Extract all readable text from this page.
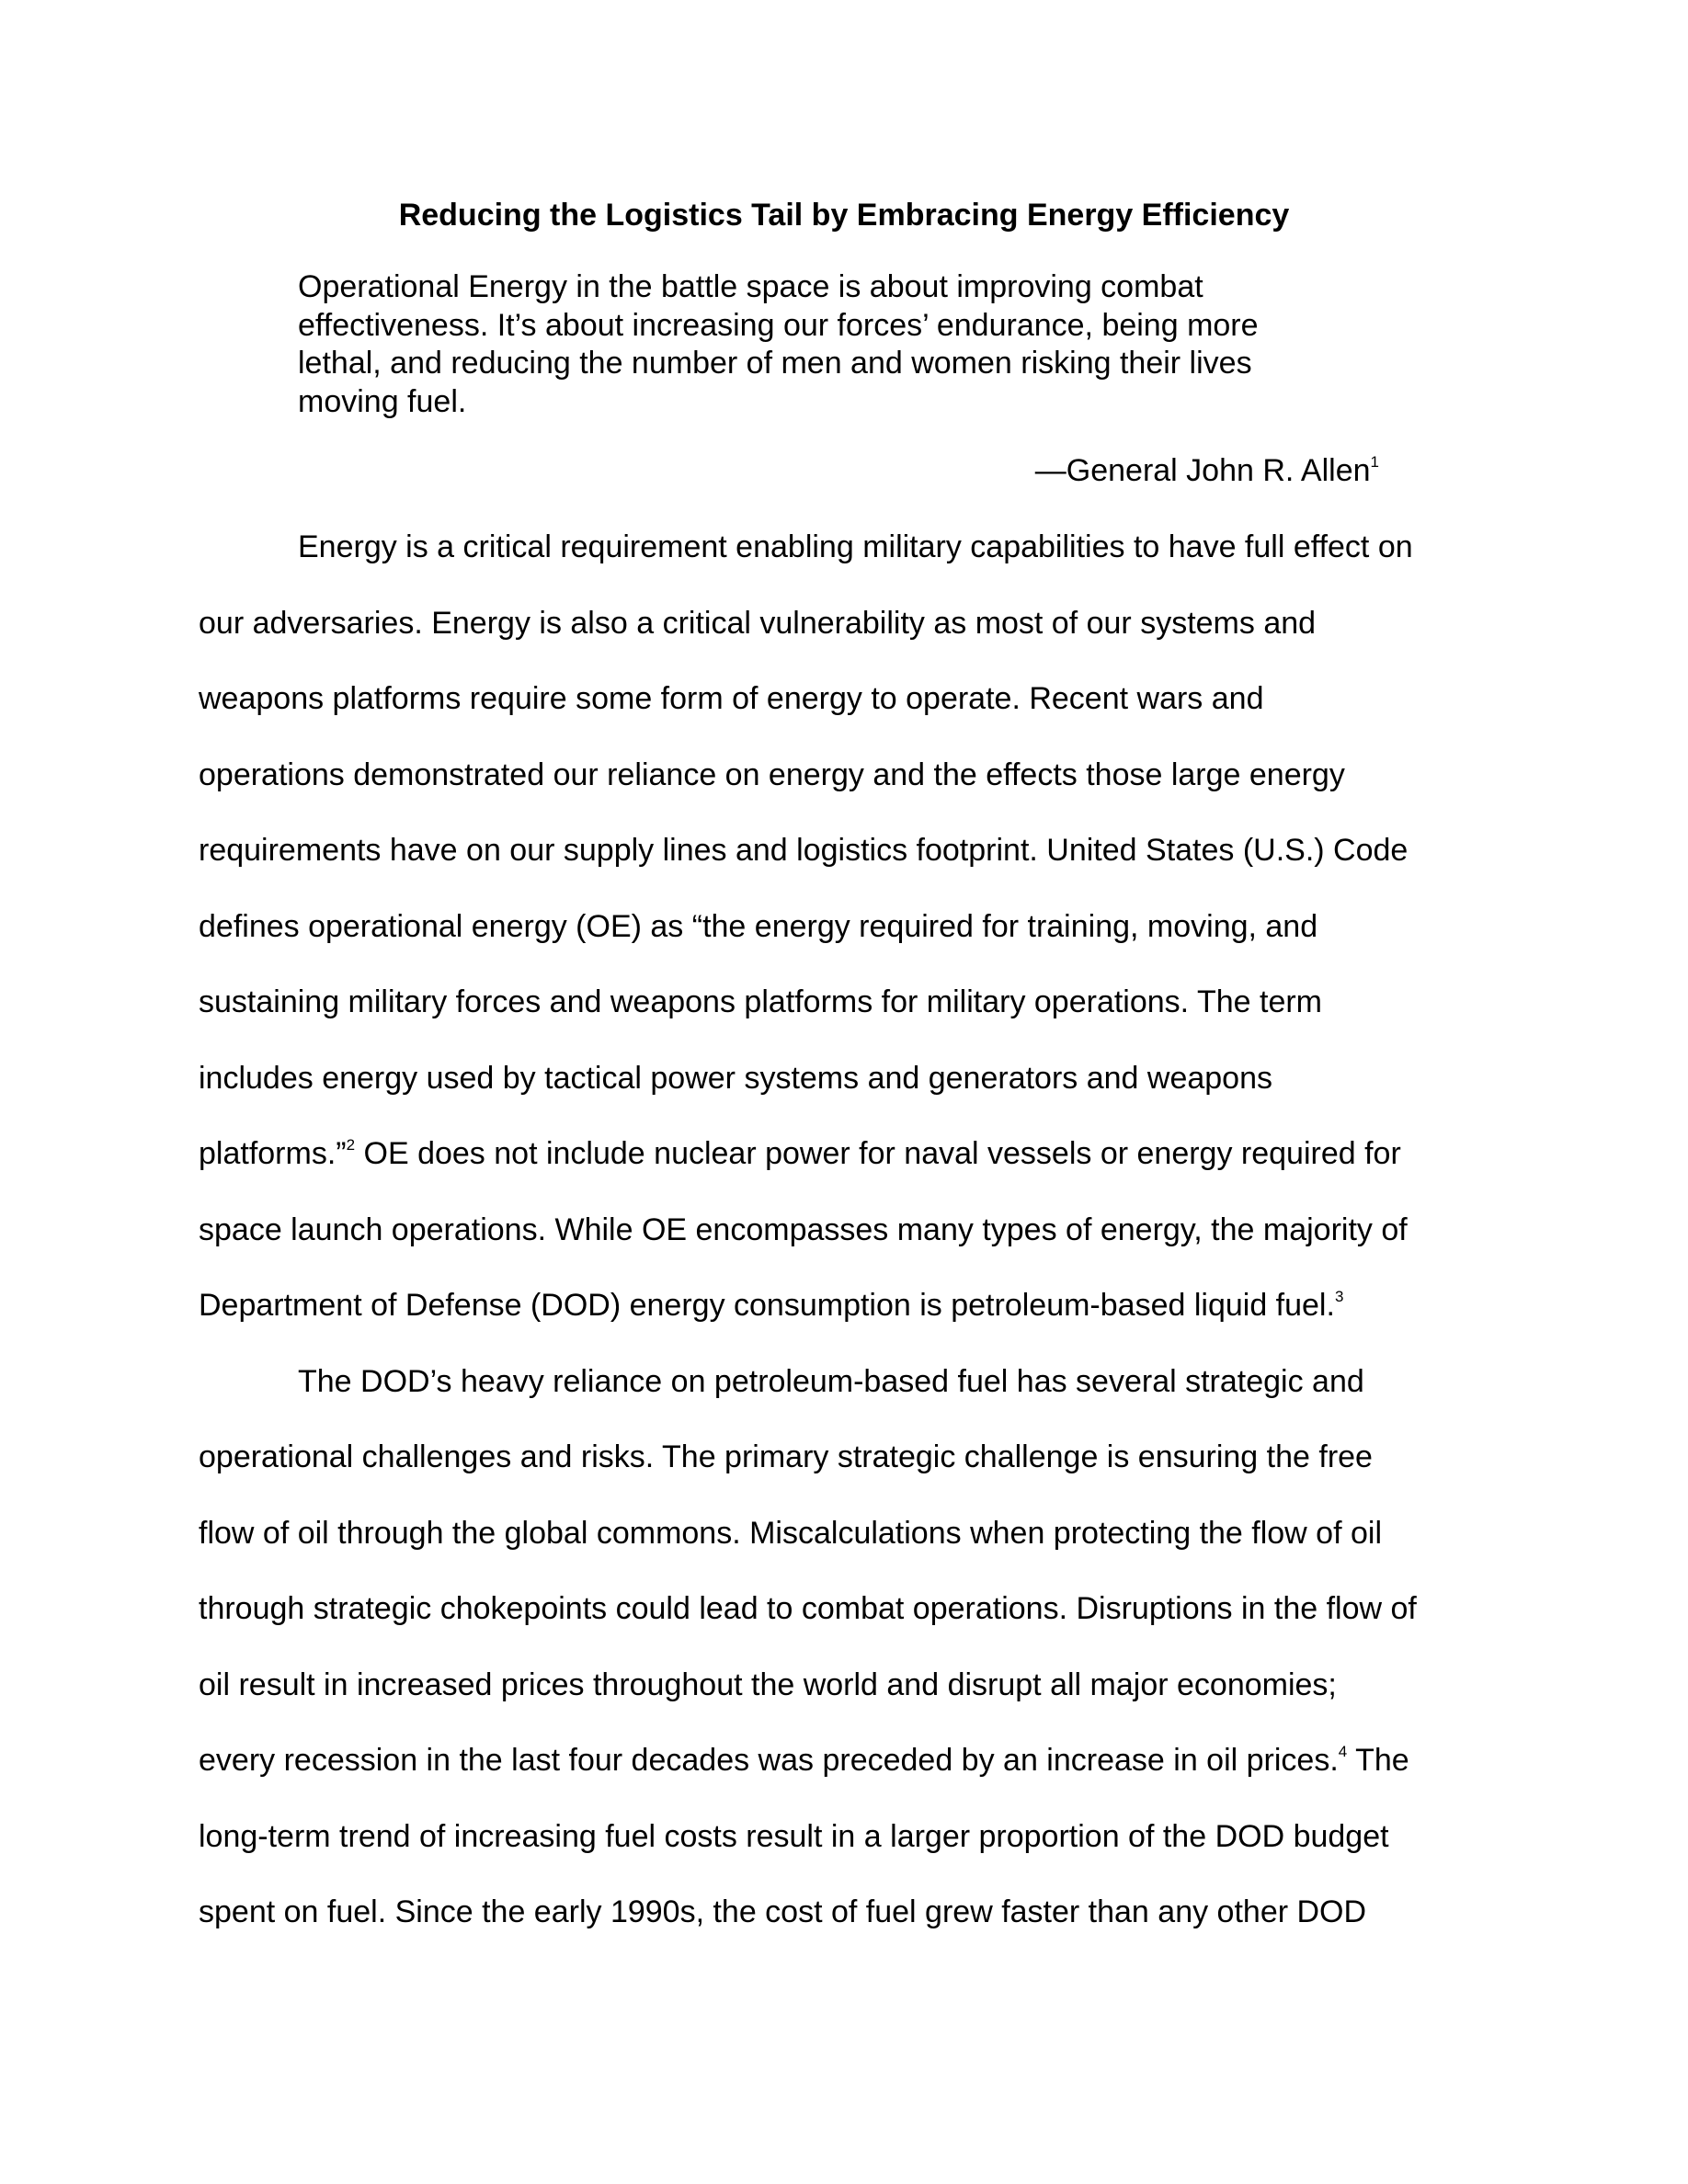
Reducing the Logistics Tail by Embracing Energy Efficiency
Operational Energy in the battle space is about improving combat
effectiveness. It’s about increasing our forces’ endurance, being more
lethal, and reducing the number of men and women risking their lives
moving fuel.
—General John R. Allen$^1$
Energy is a critical requirement enabling military capabilities to have full effect on
our adversaries. Energy is also a critical vulnerability as most of our systems and
weapons platforms require some form of energy to operate. Recent wars and
operations demonstrated our reliance on energy and the effects those large energy
requirements have on our supply lines and logistics footprint. United States (U.S.) Code
defines operational energy (OE) as “the energy required for training, moving, and
sustaining military forces and weapons platforms for military operations. The term
includes energy used by tactical power systems and generators and weapons
platforms.”$^2$ OE does not include nuclear power for naval vessels or energy required for
space launch operations. While OE encompasses many types of energy, the majority of
Department of Defense (DOD) energy consumption is petroleum-based liquid fuel.$^3$
The DOD’s heavy reliance on petroleum-based fuel has several strategic and
operational challenges and risks. The primary strategic challenge is ensuring the free
flow of oil through the global commons. Miscalculations when protecting the flow of oil
through strategic chokepoints could lead to combat operations. Disruptions in the flow of
oil result in increased prices throughout the world and disrupt all major economies;
every recession in the last four decades was preceded by an increase in oil prices.$^4$ The
long-term trend of increasing fuel costs result in a larger proportion of the DOD budget
spent on fuel. Since the early 1990s, the cost of fuel grew faster than any other DOD
